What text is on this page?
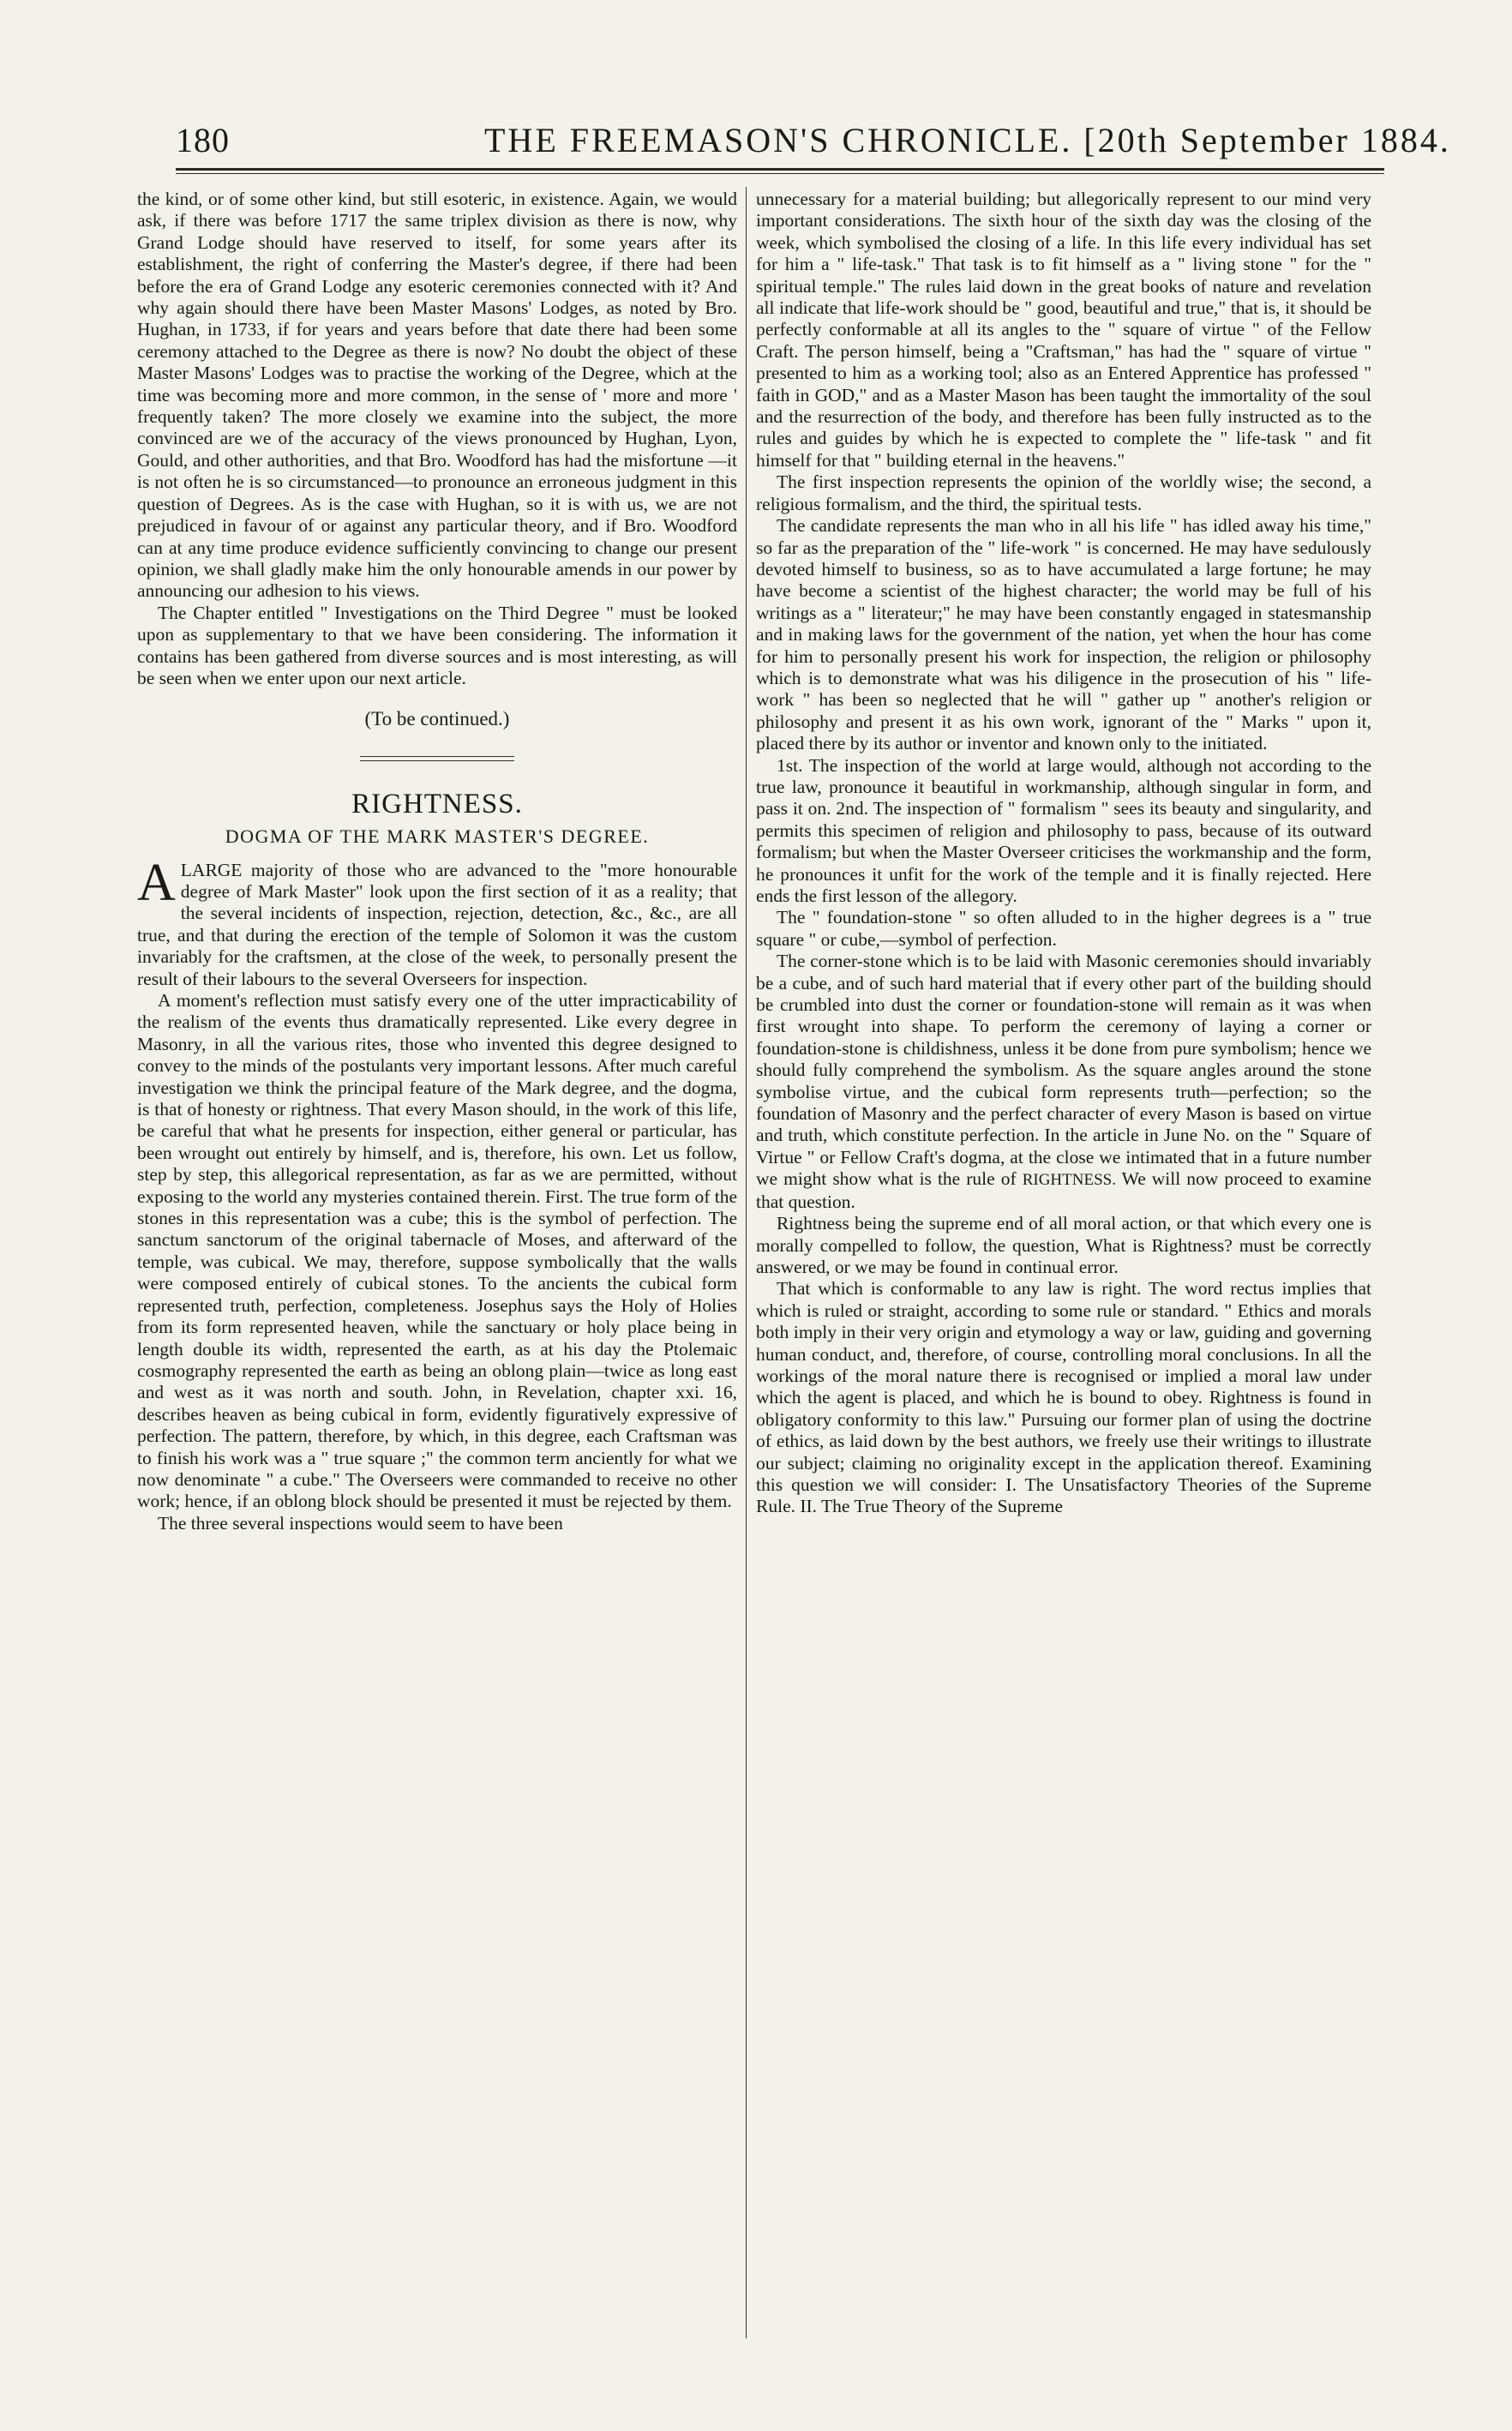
180	THE FREEMASON'S CHRONICLE. [20th September 1884.

the kind, or of some other kind, but still esoteric, in existence. Again, we would ask, if there was before 1717 the same triplex division as there is now, why Grand Lodge should have reserved to itself, for some years after its establishment, the right of conferring the Master's degree, if there had been before the era of Grand Lodge any esoteric ceremonies connected with it? And why again should there have been Master Masons' Lodges, as noted by Bro. Hughan, in 1733, if for years and years before that date there had been some ceremony attached to the Degree as there is now? No doubt the object of these Master Masons' Lodges was to practise the working of the Degree, which at the time was becoming more and more common, in the sense of ' more and more ' frequently taken? The more closely we examine into the subject, the more convinced are we of the accuracy of the views pronounced by Hughan, Lyon, Gould, and other authorities, and that Bro. Woodford has had the misfortune —it is not often he is so circumstanced—to pronounce an erroneous judgment in this question of Degrees. As is the case with Hughan, so it is with us, we are not prejudiced in favour of or against any particular theory, and if Bro. Woodford can at any time produce evidence sufficiently convincing to change our present opinion, we shall gladly make him the only honourable amends in our power by announcing our adhesion to his views.

The Chapter entitled " Investigations on the Third Degree " must be looked upon as supplementary to that we have been considering. The information it contains has been gathered from diverse sources and is most interesting, as will be seen when we enter upon our next article.

(To be continued.)

RIGHTNESS.

DOGMA OF THE MARK MASTER'S DEGREE.

ALARGE majority of those who are advanced to the "more honourable degree of Mark Master" look upon the first section of it as a reality; that the several incidents of inspection, rejection, detection, &c., &c., are all true, and that during the erection of the temple of Solomon it was the custom invariably for the craftsmen, at the close of the week, to personally present the result of their labours to the several Overseers for inspection.

A moment's reflection must satisfy every one of the utter impracticability of the realism of the events thus dramatically represented. Like every degree in Masonry, in all the various rites, those who invented this degree designed to convey to the minds of the postulants very important lessons. After much careful investigation we think the principal feature of the Mark degree, and the dogma, is that of honesty or rightness. That every Mason should, in the work of this life, be careful that what he presents for inspection, either general or particular, has been wrought out entirely by himself, and is, therefore, his own. Let us follow, step by step, this allegorical representation, as far as we are permitted, without exposing to the world any mysteries contained therein. First. The true form of the stones in this representation was a cube; this is the symbol of perfection. The sanctum sanctorum of the original tabernacle of Moses, and afterward of the temple, was cubical. We may, therefore, suppose symbolically that the walls were composed entirely of cubical stones. To the ancients the cubical form represented truth, perfection, completeness. Josephus says the Holy of Holies from its form represented heaven, while the sanctuary or holy place being in length double its width, represented the earth, as at his day the Ptolemaic cosmography represented the earth as being an oblong plain—twice as long east and west as it was north and south. John, in Revelation, chapter xxi. 16, describes heaven as being cubical in form, evidently figuratively expressive of perfection. The pattern, therefore, by which, in this degree, each Craftsman was to finish his work was a " true square ;" the common term anciently for what we now denominate " a cube." The Overseers were commanded to receive no other work; hence, if an oblong block should be presented it must be rejected by them.

The three several inspections would seem to have been

unnecessary for a material building; but allegorically represent to our mind very important considerations. The sixth hour of the sixth day was the closing of the week, which symbolised the closing of a life. In this life every individual has set for him a " life-task." That task is to fit himself as a " living stone " for the " spiritual temple." The rules laid down in the great books of nature and revelation all indicate that life-work should be " good, beautiful and true," that is, it should be perfectly conformable at all its angles to the " square of virtue " of the Fellow Craft. The person himself, being a "Craftsman," has had the " square of virtue " presented to him as a working tool; also as an Entered Apprentice has professed " faith in GOD," and as a Master Mason has been taught the immortality of the soul and the resurrection of the body, and therefore has been fully instructed as to the rules and guides by which he is expected to complete the " life-task " and fit himself for that " building eternal in the heavens."

The first inspection represents the opinion of the worldly wise; the second, a religious formalism, and the third, the spiritual tests.

The candidate represents the man who in all his life " has idled away his time," so far as the preparation of the " life-work " is concerned. He may have sedulously devoted himself to business, so as to have accumulated a large fortune; he may have become a scientist of the highest character; the world may be full of his writings as a " literateur;" he may have been constantly engaged in statesmanship and in making laws for the government of the nation, yet when the hour has come for him to personally present his work for inspection, the religion or philosophy which is to demonstrate what was his diligence in the prosecution of his " life-work " has been so neglected that he will " gather up " another's religion or philosophy and present it as his own work, ignorant of the " Marks " upon it, placed there by its author or inventor and known only to the initiated.

1st. The inspection of the world at large would, although not according to the true law, pronounce it beautiful in workmanship, although singular in form, and pass it on. 2nd. The inspection of " formalism " sees its beauty and singularity, and permits this specimen of religion and philosophy to pass, because of its outward formalism; but when the Master Overseer criticises the workmanship and the form, he pronounces it unfit for the work of the temple and it is finally rejected. Here ends the first lesson of the allegory.

The " foundation-stone " so often alluded to in the higher degrees is a " true square " or cube,—symbol of perfection.

The corner-stone which is to be laid with Masonic ceremonies should invariably be a cube, and of such hard material that if every other part of the building should be crumbled into dust the corner or foundation-stone will remain as it was when first wrought into shape. To perform the ceremony of laying a corner or foundation-stone is childishness, unless it be done from pure symbolism; hence we should fully comprehend the symbolism. As the square angles around the stone symbolise virtue, and the cubical form represents truth—perfection; so the foundation of Masonry and the perfect character of every Mason is based on virtue and truth, which constitute perfection. In the article in June No. on the " Square of Virtue " or Fellow Craft's dogma, at the close we intimated that in a future number we might show what is the rule of RIGHTNESS. We will now proceed to examine that question.

Rightness being the supreme end of all moral action, or that which every one is morally compelled to follow, the question, What is Rightness? must be correctly answered, or we may be found in continual error.

That which is conformable to any law is right. The word rectus implies that which is ruled or straight, according to some rule or standard. " Ethics and morals both imply in their very origin and etymology a way or law, guiding and governing human conduct, and, therefore, of course, controlling moral conclusions. In all the workings of the moral nature there is recognised or implied a moral law under which the agent is placed, and which he is bound to obey. Rightness is found in obligatory conformity to this law." Pursuing our former plan of using the doctrine of ethics, as laid down by the best authors, we freely use their writings to illustrate our subject; claiming no originality except in the application thereof. Examining this question we will consider: I. The Unsatisfactory Theories of the Supreme Rule. II. The True Theory of the Supreme
